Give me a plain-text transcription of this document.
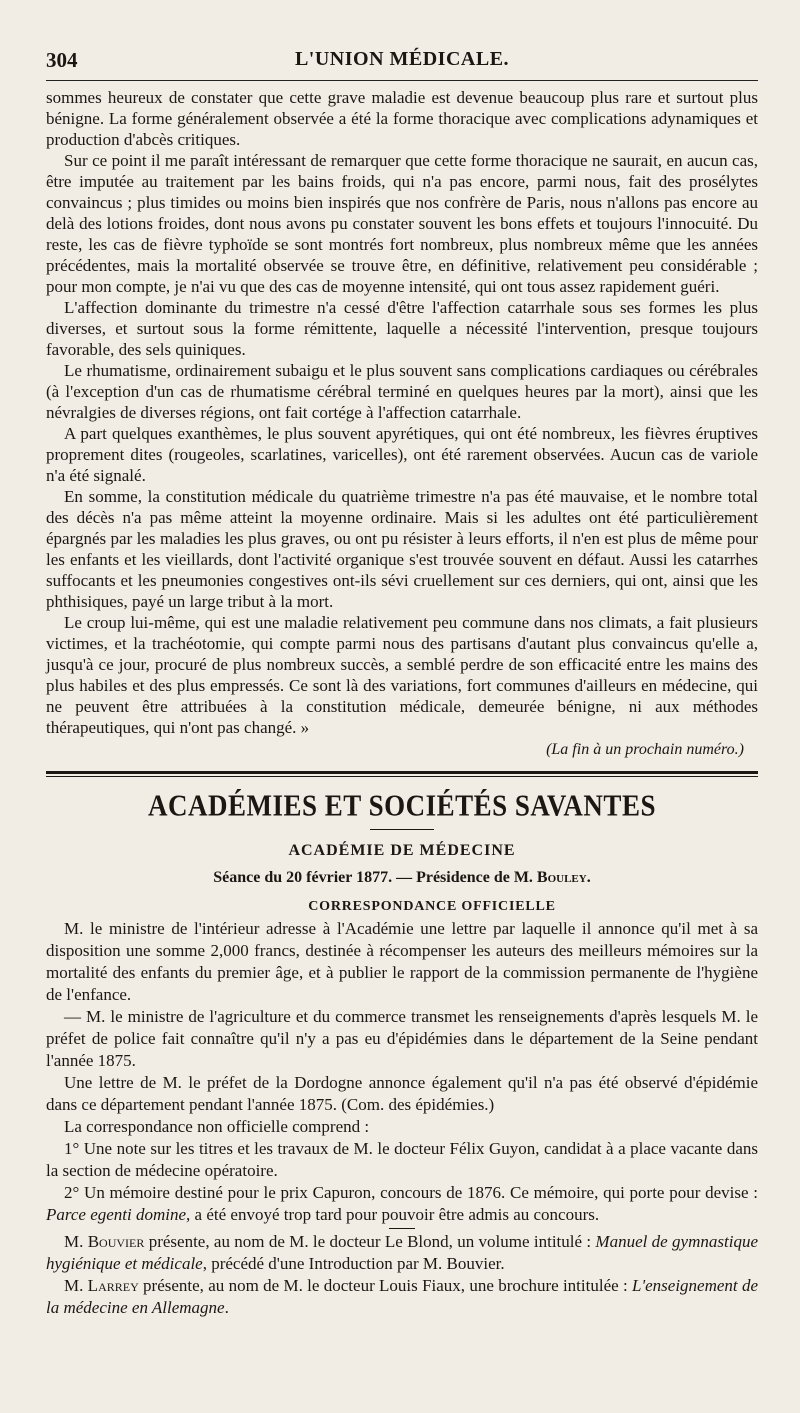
304	L'UNION MÉDICALE.

sommes heureux de constater que cette grave maladie est devenue beaucoup plus rare et surtout plus bénigne. La forme généralement observée a été la forme thoracique avec complications adynamiques et production d'abcès critiques.

Sur ce point il me paraît intéressant de remarquer que cette forme thoracique ne saurait, en aucun cas, être imputée au traitement par les bains froids, qui n'a pas encore, parmi nous, fait des prosélytes convaincus ; plus timides ou moins bien inspirés que nos confrère de Paris, nous n'allons pas encore au delà des lotions froides, dont nous avons pu constater souvent les bons effets et toujours l'innocuité. Du reste, les cas de fièvre typhoïde se sont montrés fort nombreux, plus nombreux même que les années précédentes, mais la mortalité observée se trouve être, en définitive, relativement peu considérable ; pour mon compte, je n'ai vu que des cas de moyenne intensité, qui ont tous assez rapidement guéri.

L'affection dominante du trimestre n'a cessé d'être l'affection catarrhale sous ses formes les plus diverses, et surtout sous la forme rémittente, laquelle a nécessité l'intervention, presque toujours favorable, des sels quiniques.

Le rhumatisme, ordinairement subaigu et le plus souvent sans complications cardiaques ou cérébrales (à l'exception d'un cas de rhumatisme cérébral terminé en quelques heures par la mort), ainsi que les névralgies de diverses régions, ont fait cortége à l'affection catarrhale.

A part quelques exanthèmes, le plus souvent apyrétiques, qui ont été nombreux, les fièvres éruptives proprement dites (rougeoles, scarlatines, varicelles), ont été rarement observées. Aucun cas de variole n'a été signalé.

En somme, la constitution médicale du quatrième trimestre n'a pas été mauvaise, et le nombre total des décès n'a pas même atteint la moyenne ordinaire. Mais si les adultes ont été particulièrement épargnés par les maladies les plus graves, ou ont pu résister à leurs efforts, il n'en est plus de même pour les enfants et les vieillards, dont l'activité organique s'est trouvée souvent en défaut. Aussi les catarrhes suffocants et les pneumonies congestives ont-ils sévi cruellement sur ces derniers, qui ont, ainsi que les phthisiques, payé un large tribut à la mort.

Le croup lui-même, qui est une maladie relativement peu commune dans nos climats, a fait plusieurs victimes, et la trachéotomie, qui compte parmi nous des partisans d'autant plus convaincus qu'elle a, jusqu'à ce jour, procuré de plus nombreux succès, a semblé perdre de son efficacité entre les mains des plus habiles et des plus empressés. Ce sont là des variations, fort communes d'ailleurs en médecine, qui ne peuvent être attribuées à la constitution médicale, demeurée bénigne, ni aux méthodes thérapeutiques, qui n'ont pas changé. »

(La fin à un prochain numéro.)
ACADÉMIES ET SOCIÉTÉS SAVANTES
ACADÉMIE DE MÉDECINE
Séance du 20 février 1877. — Présidence de M. Bouley.
CORRESPONDANCE OFFICIELLE

M. le ministre de l'intérieur adresse à l'Académie une lettre par laquelle il annonce qu'il met à sa disposition une somme 2,000 francs, destinée à récompenser les auteurs des meilleurs mémoires sur la mortalité des enfants du premier âge, et à publier le rapport de la commission permanente de l'hygiène de l'enfance.

— M. le ministre de l'agriculture et du commerce transmet les renseignements d'après lesquels M. le préfet de police fait connaître qu'il n'y a pas eu d'épidémies dans le département de la Seine pendant l'année 1875.

Une lettre de M. le préfet de la Dordogne annonce également qu'il n'a pas été observé d'épidémie dans ce département pendant l'année 1875. (Com. des épidémies.)

La correspondance non officielle comprend :

1° Une note sur les titres et les travaux de M. le docteur Félix Guyon, candidat à a place vacante dans la section de médecine opératoire.

2° Un mémoire destiné pour le prix Capuron, concours de 1876. Ce mémoire, qui porte pour devise : Parce egenti domine, a été envoyé trop tard pour pouvoir être admis au concours.

M. Bouvier présente, au nom de M. le docteur Le Blond, un volume intitulé : Manuel de gymnastique hygiénique et médicale, précédé d'une Introduction par M. Bouvier.

M. Larrey présente, au nom de M. le docteur Louis Fiaux, une brochure intitulée : L'enseignement de la médecine en Allemagne.
